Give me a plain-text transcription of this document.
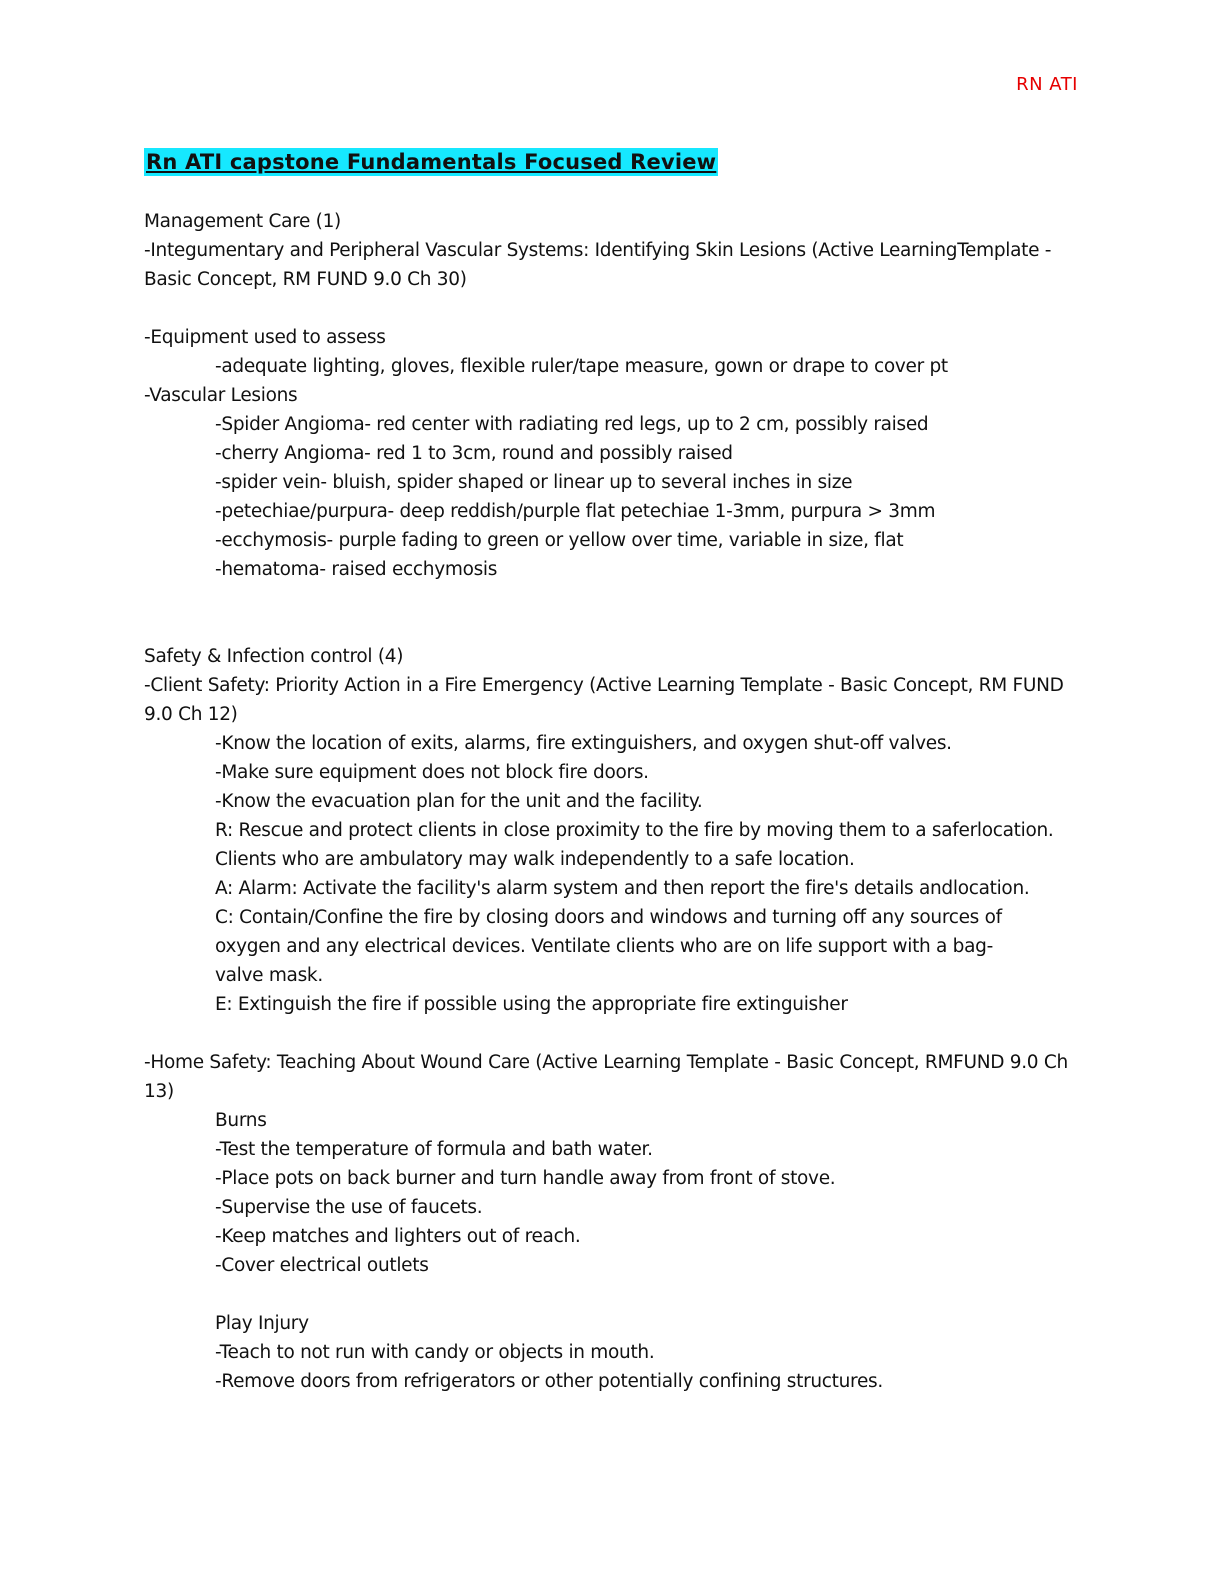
RN ATI
Rn ATI capstone Fundamentals Focused Review
Management Care (1)
-Integumentary and Peripheral Vascular Systems: Identifying Skin Lesions (Active LearningTemplate - Basic Concept, RM FUND 9.0 Ch 30)
-Equipment used to assess
-adequate lighting, gloves, flexible ruler/tape measure, gown or drape to cover pt
-Vascular Lesions
-Spider Angioma- red center with radiating red legs, up to 2 cm, possibly raised
-cherry Angioma- red 1 to 3cm, round and possibly raised
-spider vein- bluish, spider shaped or linear up to several inches in size
-petechiae/purpura- deep reddish/purple flat petechiae 1-3mm, purpura > 3mm
-ecchymosis- purple fading to green or yellow over time, variable in size, flat
-hematoma- raised ecchymosis
Safety & Infection control (4)
-Client Safety: Priority Action in a Fire Emergency (Active Learning Template - Basic Concept, RM FUND 9.0 Ch 12)
-Know the location of exits, alarms, fire extinguishers, and oxygen shut-off valves.
-Make sure equipment does not block fire doors.
-Know the evacuation plan for the unit and the facility.
R: Rescue and protect clients in close proximity to the fire by moving them to a saferlocation. Clients who are ambulatory may walk independently to a safe location.
A: Alarm: Activate the facility's alarm system and then report the fire's details andlocation.
C: Contain/Confine the fire by closing doors and windows and turning off any sources of oxygen and any electrical devices. Ventilate clients who are on life support with a bag-valve mask.
E: Extinguish the fire if possible using the appropriate fire extinguisher
-Home Safety: Teaching About Wound Care (Active Learning Template - Basic Concept, RMFUND 9.0 Ch 13)
Burns
-Test the temperature of formula and bath water.
-Place pots on back burner and turn handle away from front of stove.
-Supervise the use of faucets.
-Keep matches and lighters out of reach.
-Cover electrical outlets
Play Injury
-Teach to not run with candy or objects in mouth.
-Remove doors from refrigerators or other potentially confining structures.
